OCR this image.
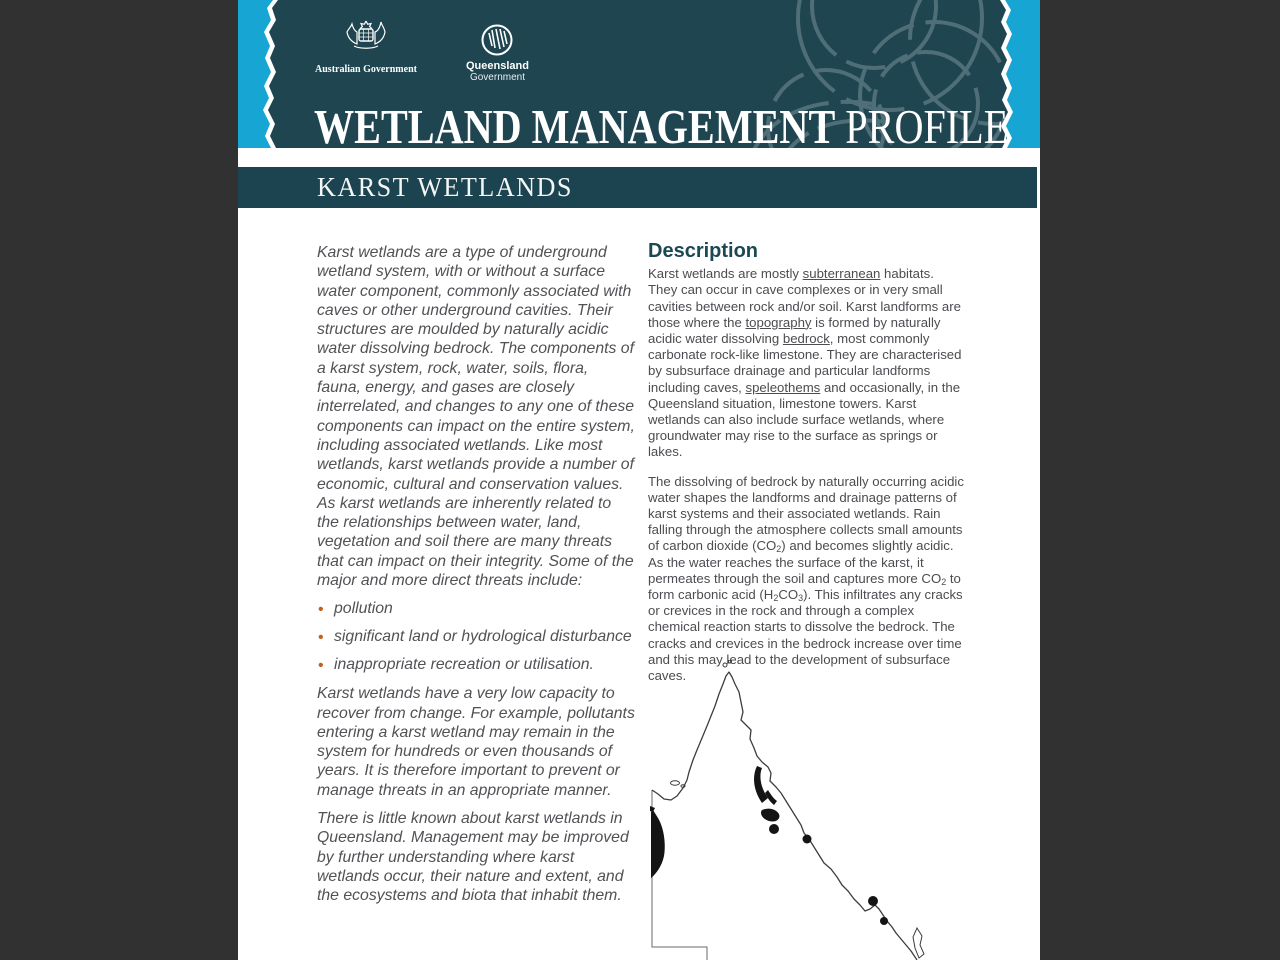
Australian Government	Queensland
Government
WETLAND MANAGEMENT PROFILE
KARST WETLANDS

Karst wetlands are a type of underground wetland system, with or without a surface water component, commonly associated with caves or other underground cavities. Their structures are moulded by naturally acidic water dissolving bedrock. The components of a karst system, rock, water, soils, flora, fauna, energy, and gases are closely interrelated, and changes to any one of these components can impact on the entire system, including associated wetlands. Like most wetlands, karst wetlands provide a number of economic, cultural and conservation values. As karst wetlands are inherently related to the relationships between water, land, vegetation and soil there are many threats that can impact on their integrity. Some of the major and more direct threats include:

• pollution
• significant land or hydrological disturbance
• inappropriate recreation or utilisation.

Karst wetlands have a very low capacity to recover from change. For example, pollutants entering a karst wetland may remain in the system for hundreds or even thousands of years. It is therefore important to prevent or manage threats in an appropriate manner.

There is little known about karst wetlands in Queensland. Management may be improved by further understanding where karst wetlands occur, their nature and extent, and the ecosystems and biota that inhabit them.

Description

Karst wetlands are mostly subterranean habitats. They can occur in cave complexes or in very small cavities between rock and/or soil. Karst landforms are those where the topography is formed by naturally acidic water dissolving bedrock, most commonly carbonate rock-like limestone. They are characterised by subsurface drainage and particular landforms including caves, speleothems and occasionally, in the Queensland situation, limestone towers. Karst wetlands can also include surface wetlands, where groundwater may rise to the surface as springs or lakes.

The dissolving of bedrock by naturally occurring acidic water shapes the landforms and drainage patterns of karst systems and their associated wetlands. Rain falling through the atmosphere collects small amounts of carbon dioxide $(CO_2)$ and becomes slightly acidic. As the water reaches the surface of the karst, it permeates through the soil and captures more $CO_2$ to form carbonic acid $(H_2CO_3)$. This infiltrates any cracks or crevices in the rock and through a complex chemical reaction starts to dissolve the bedrock. The cracks and crevices in the bedrock increase over time and this may lead to the development of subsurface caves.
